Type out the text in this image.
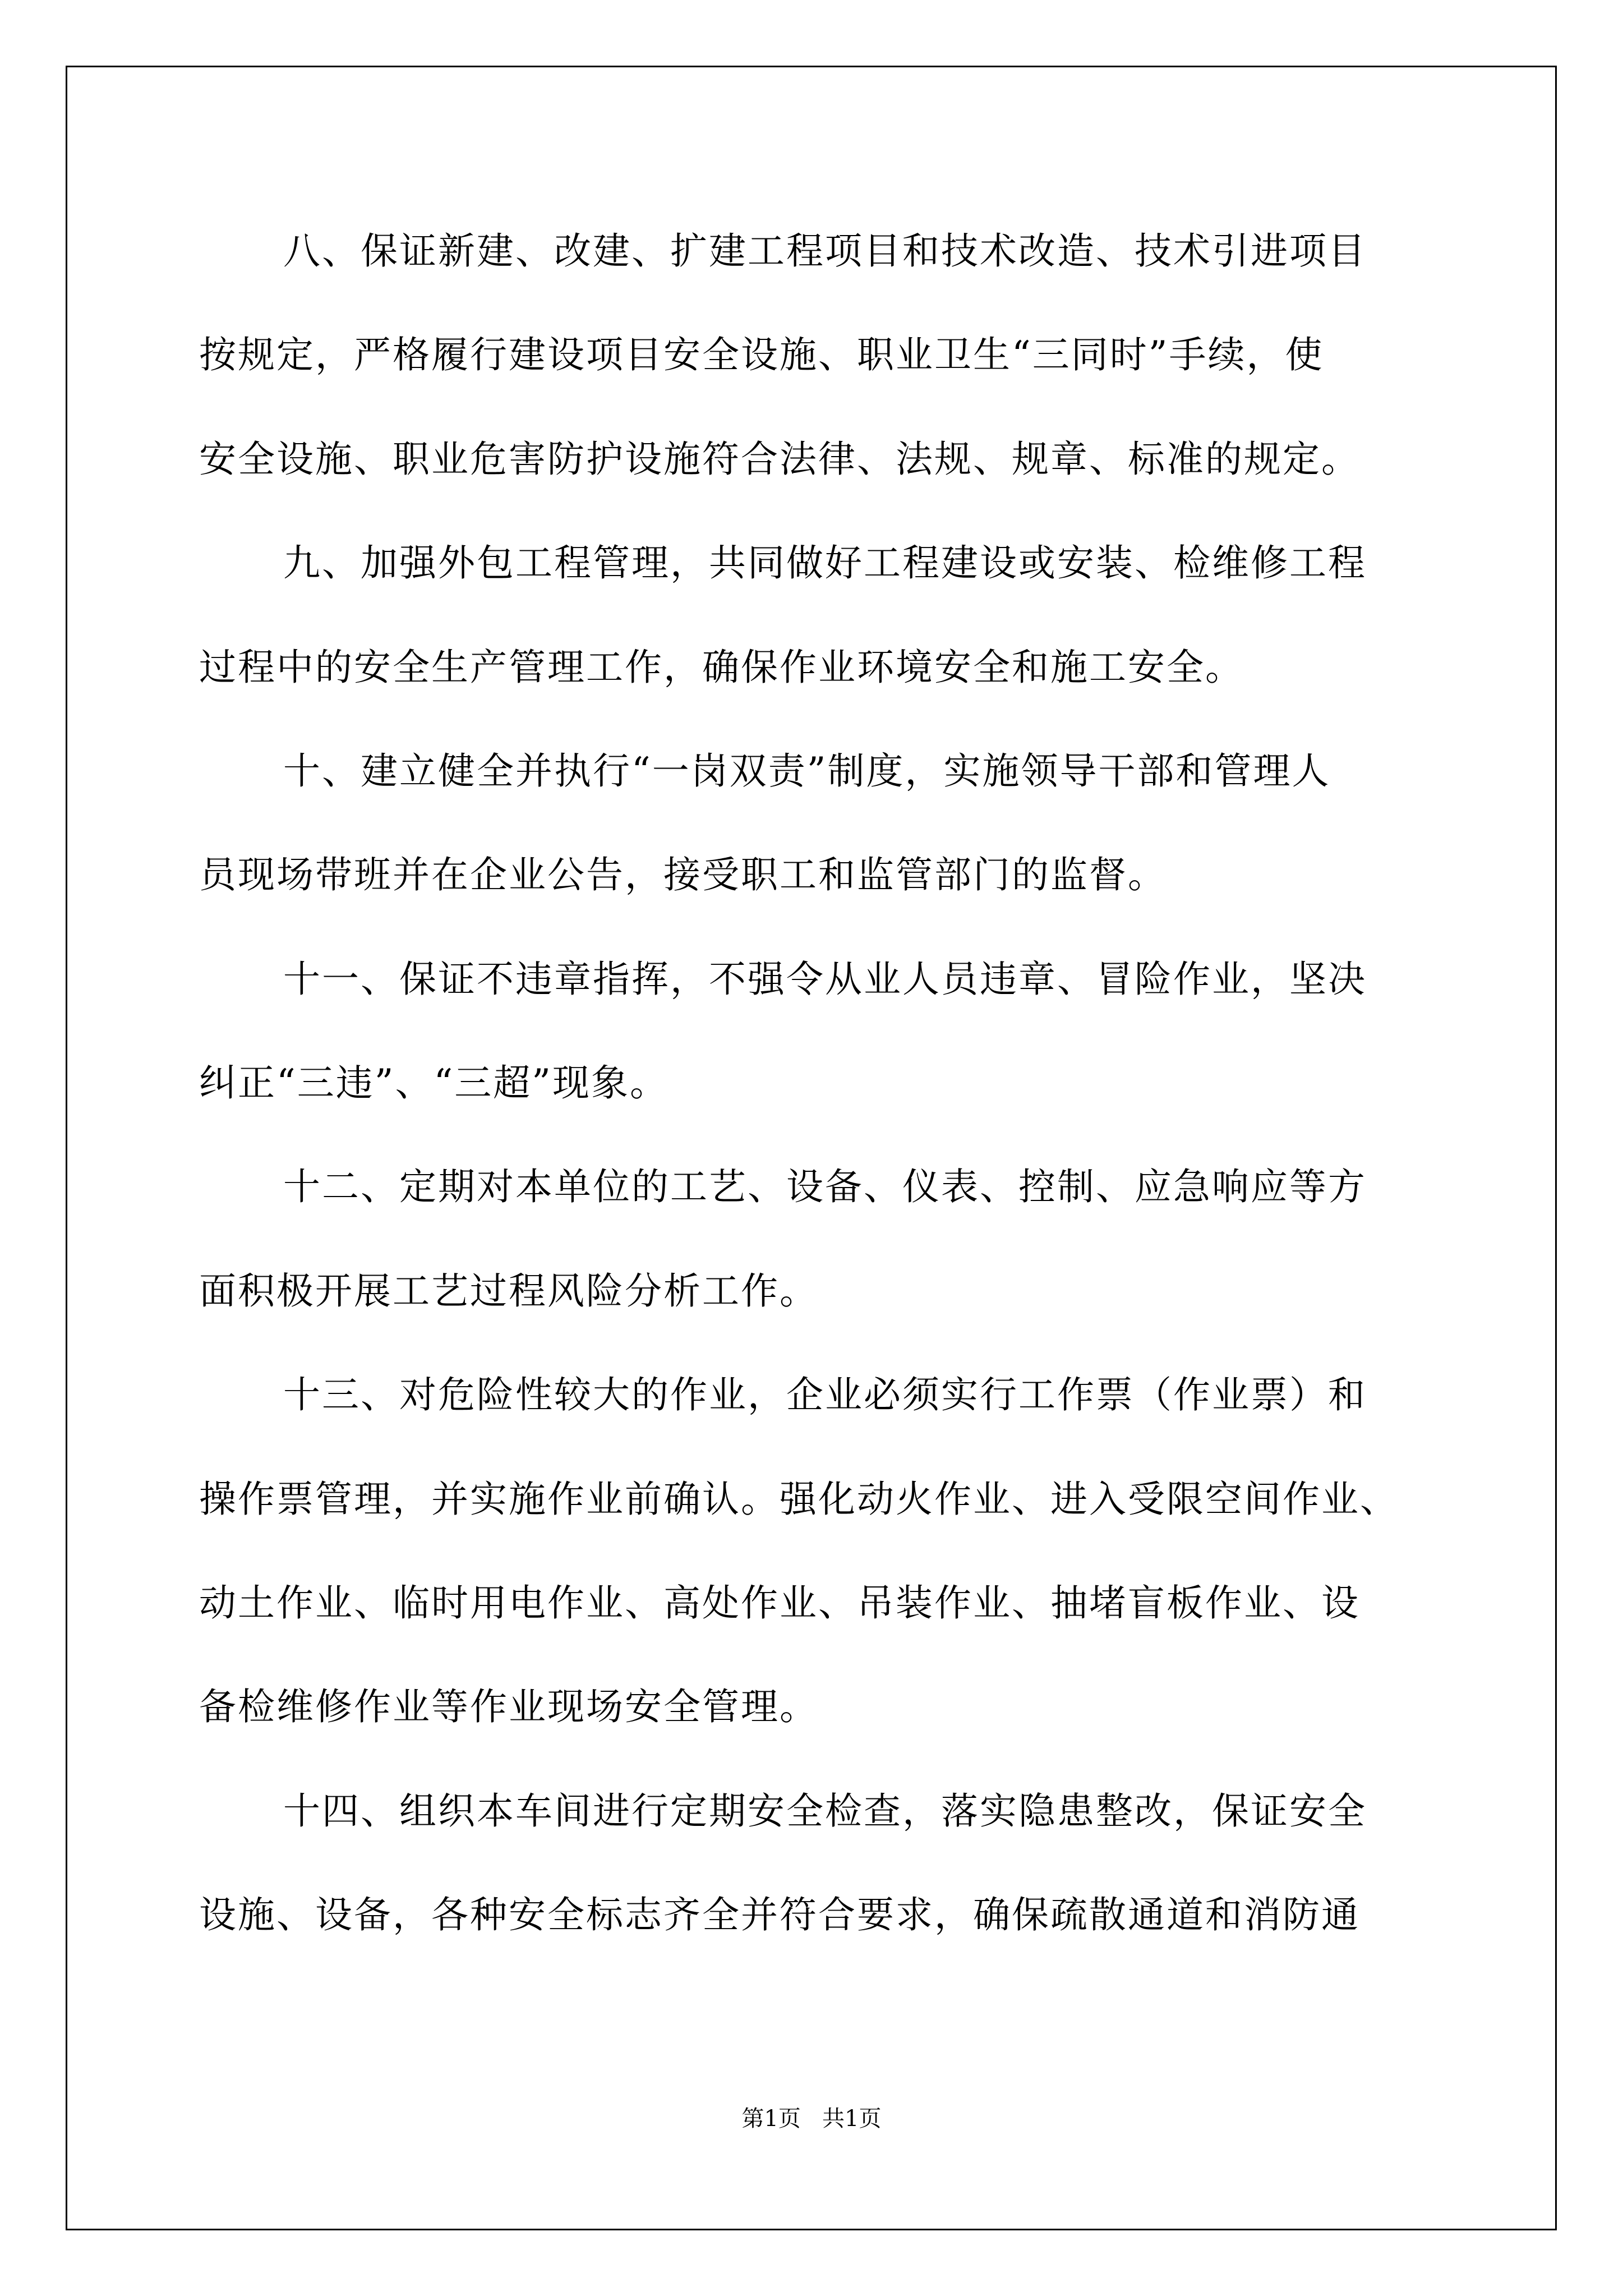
八、保证新建、改建、扩建工程项目和技术改造、技术引进项目
按规定，严格履行建设项目安全设施、职业卫生“三同时”手续，使
安全设施、职业危害防护设施符合法律、法规、规章、标准的规定。
九、加强外包工程管理，共同做好工程建设或安装、检维修工程
过程中的安全生产管理工作，确保作业环境安全和施工安全。
十、建立健全并执行“一岗双责”制度，实施领导干部和管理人
员现场带班并在企业公告，接受职工和监管部门的监督。
十一、保证不违章指挥，不强令从业人员违章、冒险作业，坚决
纠正“三违”、“三超”现象。
十二、定期对本单位的工艺、设备、仪表、控制、应急响应等方
面积极开展工艺过程风险分析工作。
十三、对危险性较大的作业，企业必须实行工作票（作业票）和
操作票管理，并实施作业前确认。强化动火作业、进入受限空间作业、
动土作业、临时用电作业、高处作业、吊装作业、抽堵盲板作业、设
备检维修作业等作业现场安全管理。
十四、组织本车间进行定期安全检查，落实隐患整改，保证安全
设施、设备，各种安全标志齐全并符合要求，确保疏散通道和消防通
第1页   共1页
